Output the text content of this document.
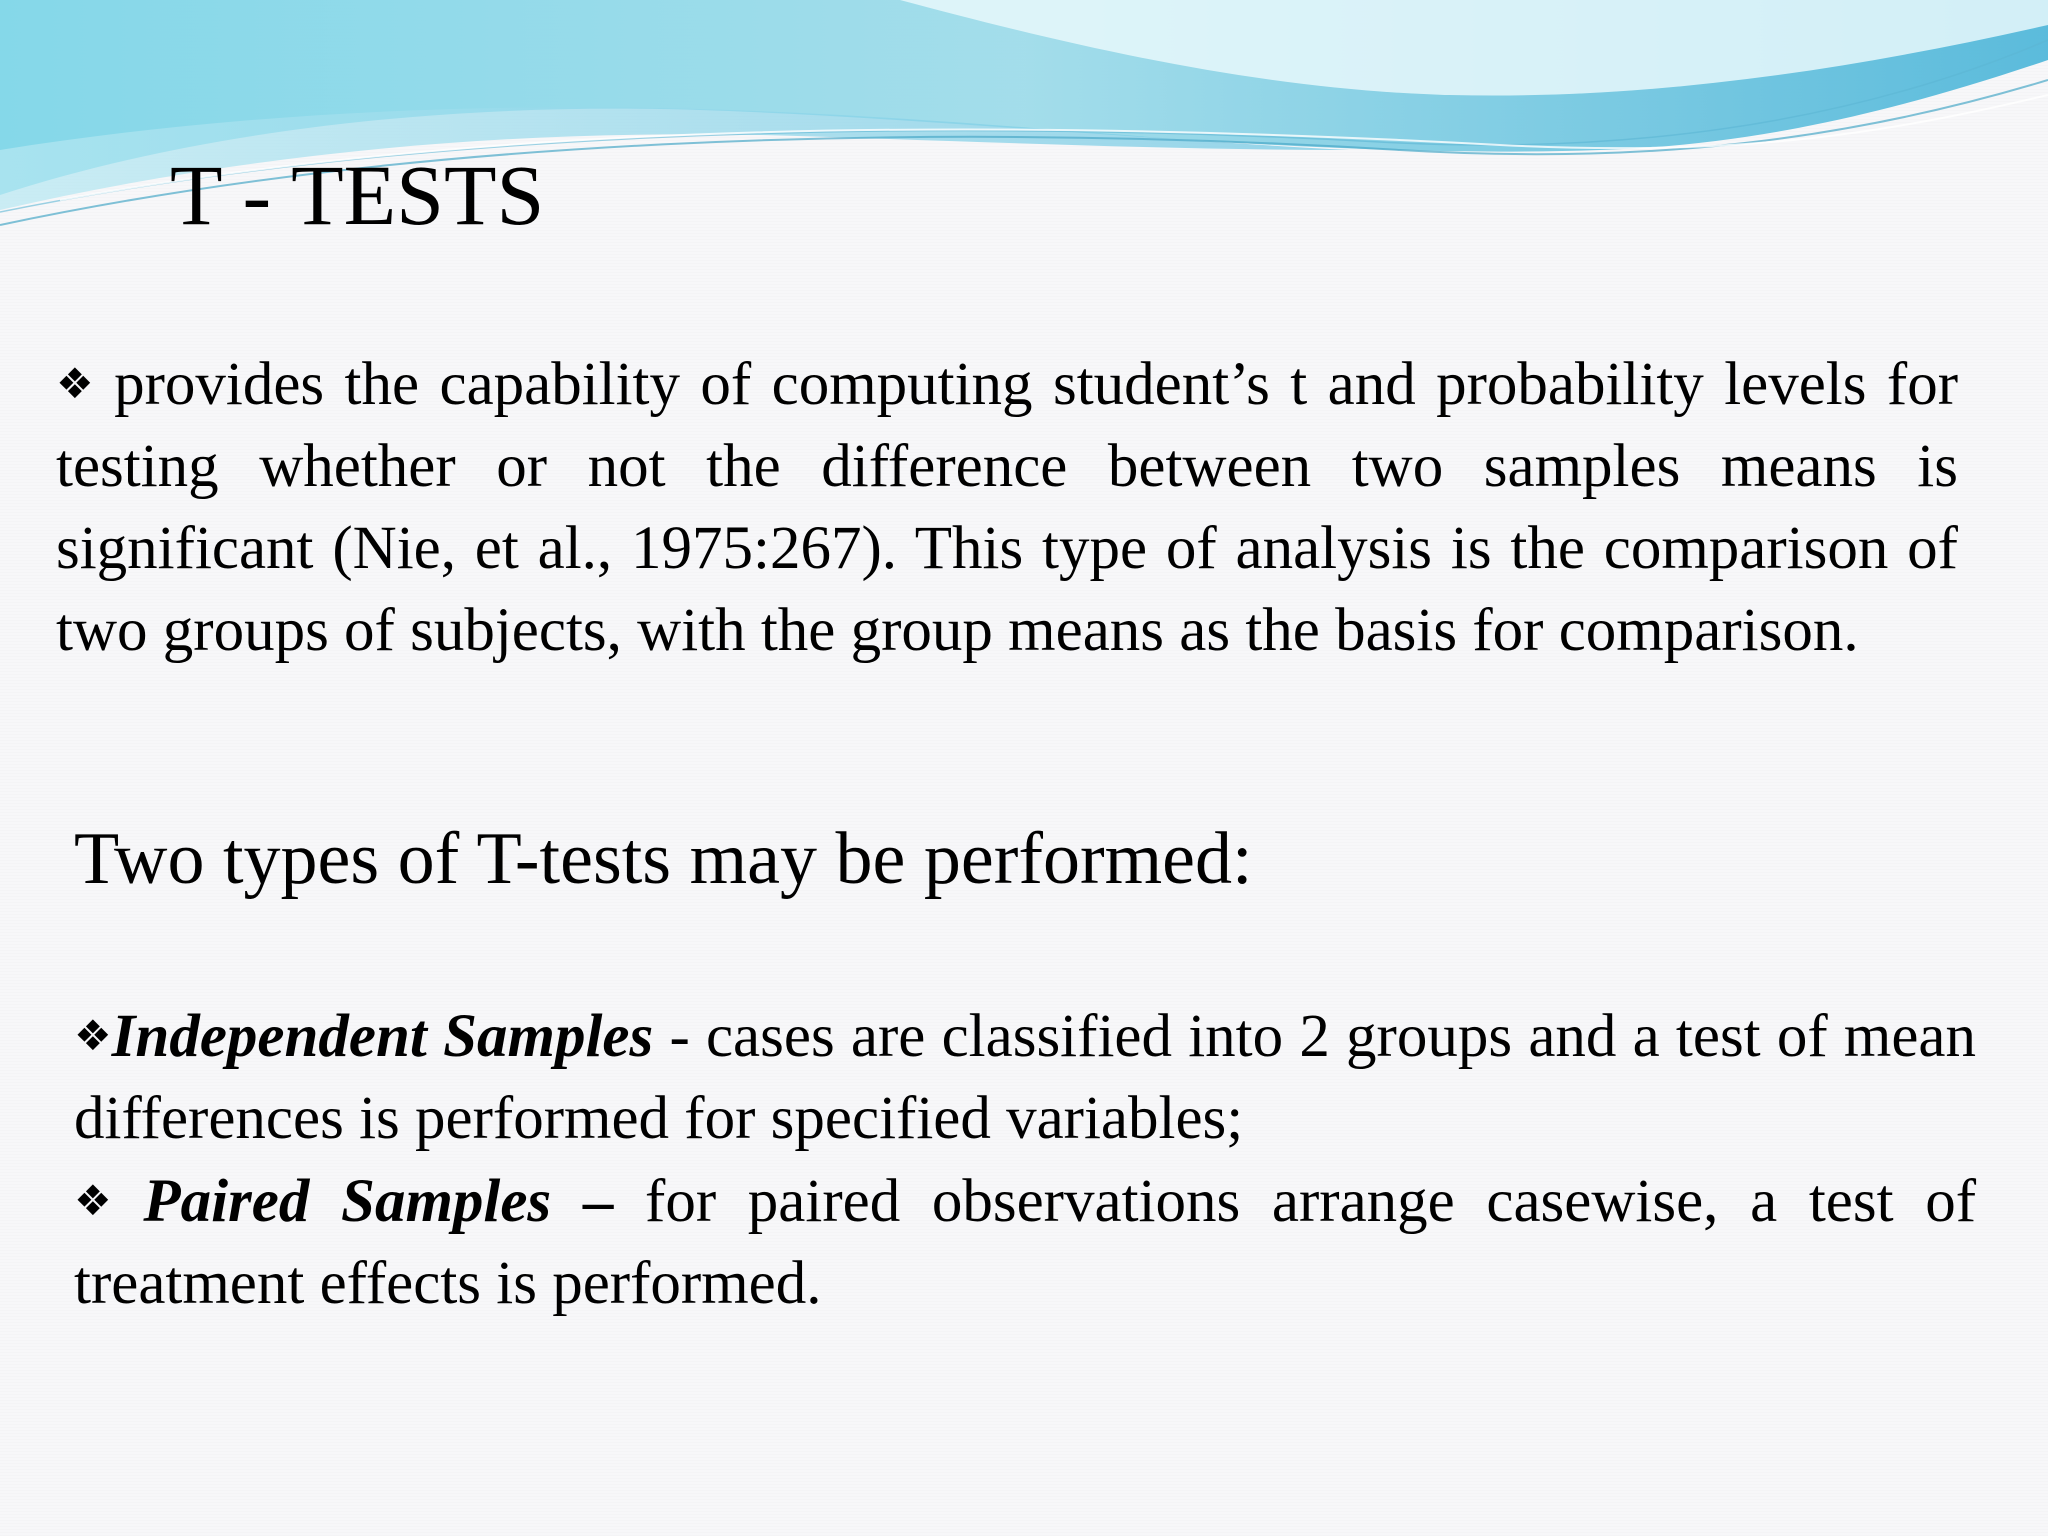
T - TESTS

❖ provides the capability of computing student’s t and probability levels for testing whether or not the difference between two samples means is significant (Nie, et al., 1975:267). This type of analysis is the comparison of two groups of subjects, with the group means as the basis for comparison.

Two types of T-tests may be performed:

❖Independent Samples - cases are classified into 2 groups and a test of mean differences is performed for specified variables;

❖ Paired Samples – for paired observations arrange casewise, a test of treatment effects is performed.
